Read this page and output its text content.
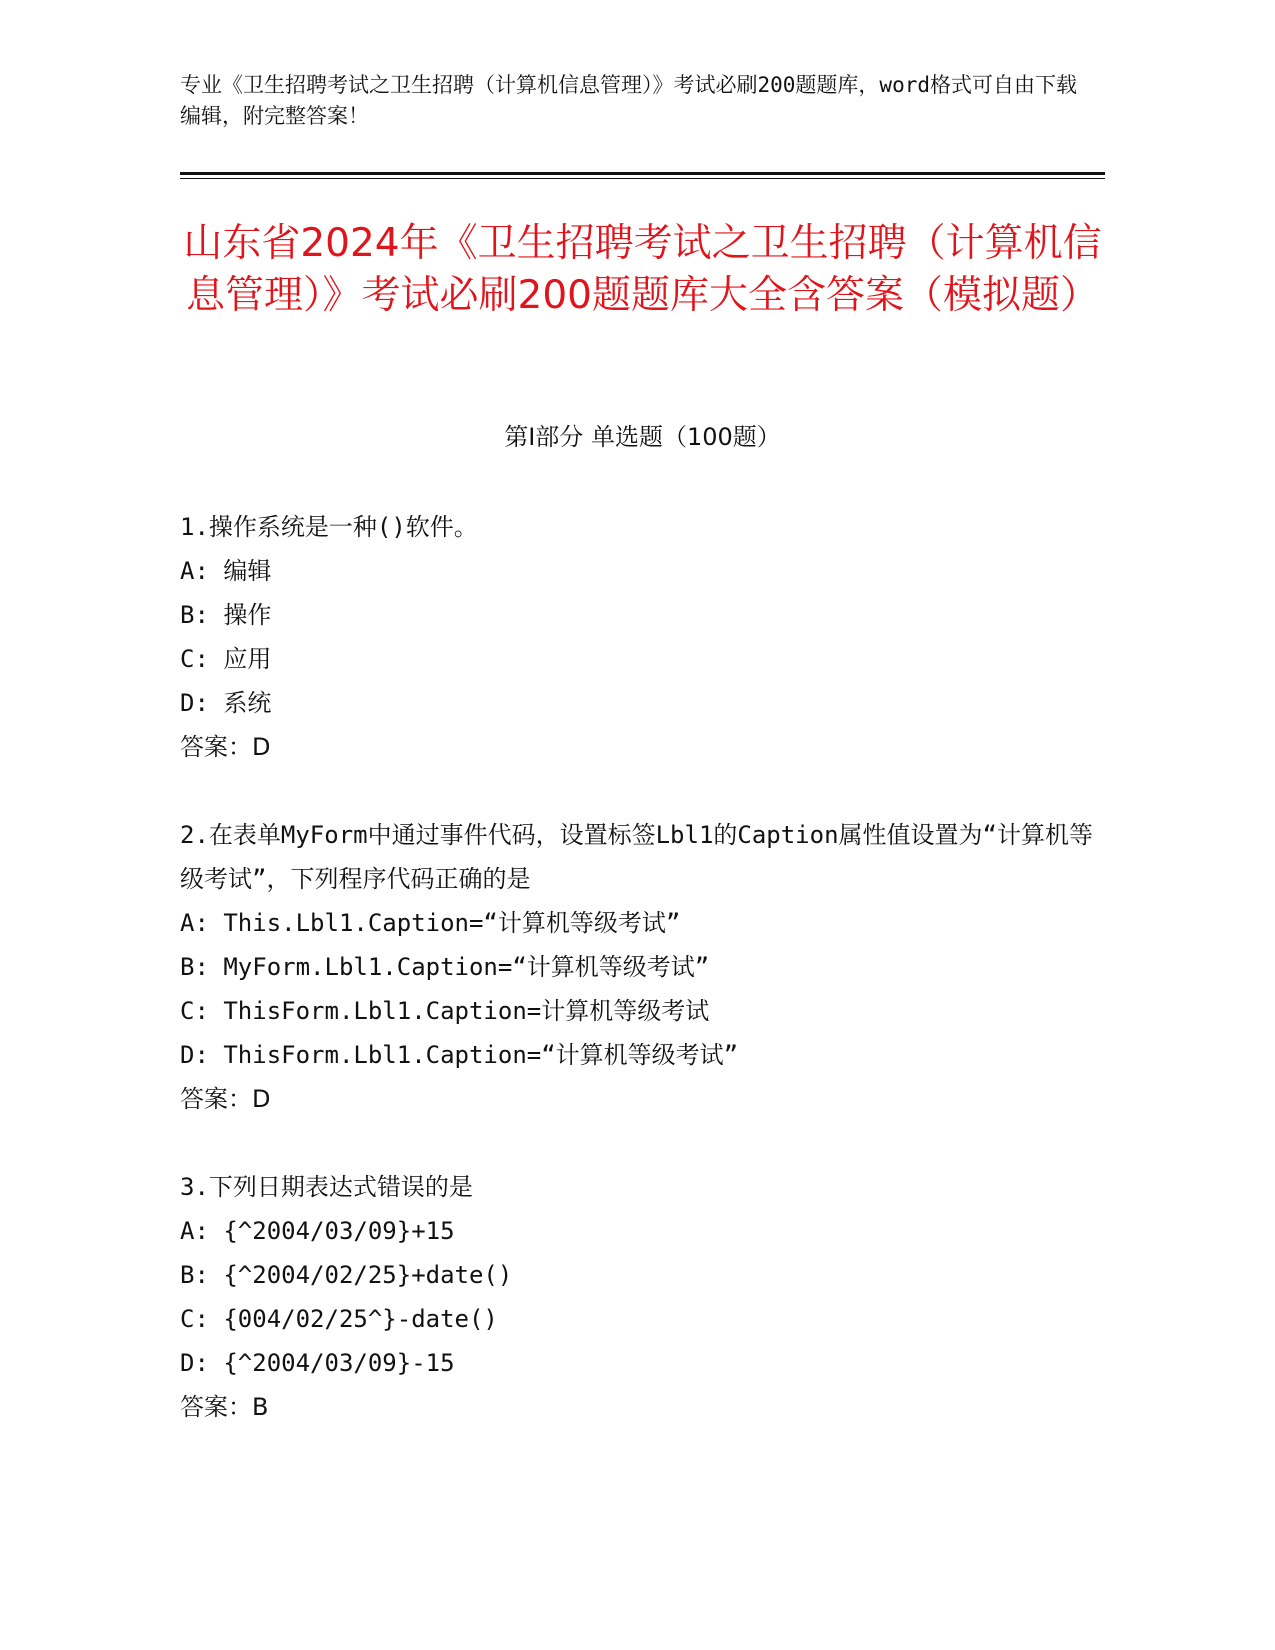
专业《卫生招聘考试之卫生招聘（计算机信息管理）》考试必刷200题题库，word格式可自由下载编辑，附完整答案！
山东省2024年《卫生招聘考试之卫生招聘（计算机信息管理）》考试必刷200题题库大全含答案（模拟题）
第I部分 单选题（100题）
1.操作系统是一种()软件。
A: 编辑
B: 操作
C: 应用
D: 系统
答案：D
2.在表单MyForm中通过事件代码，设置标签Lbl1的Caption属性值设置为“计算机等级考试”，下列程序代码正确的是
A: This.Lbl1.Caption=“计算机等级考试”
B: MyForm.Lbl1.Caption=“计算机等级考试”
C: ThisForm.Lbl1.Caption=计算机等级考试
D: ThisForm.Lbl1.Caption=“计算机等级考试”
答案：D
3.下列日期表达式错误的是
A: {^2004/03/09}+15
B: {^2004/02/25}+date()
C: {004/02/25^}-date()
D: {^2004/03/09}-15
答案：B
